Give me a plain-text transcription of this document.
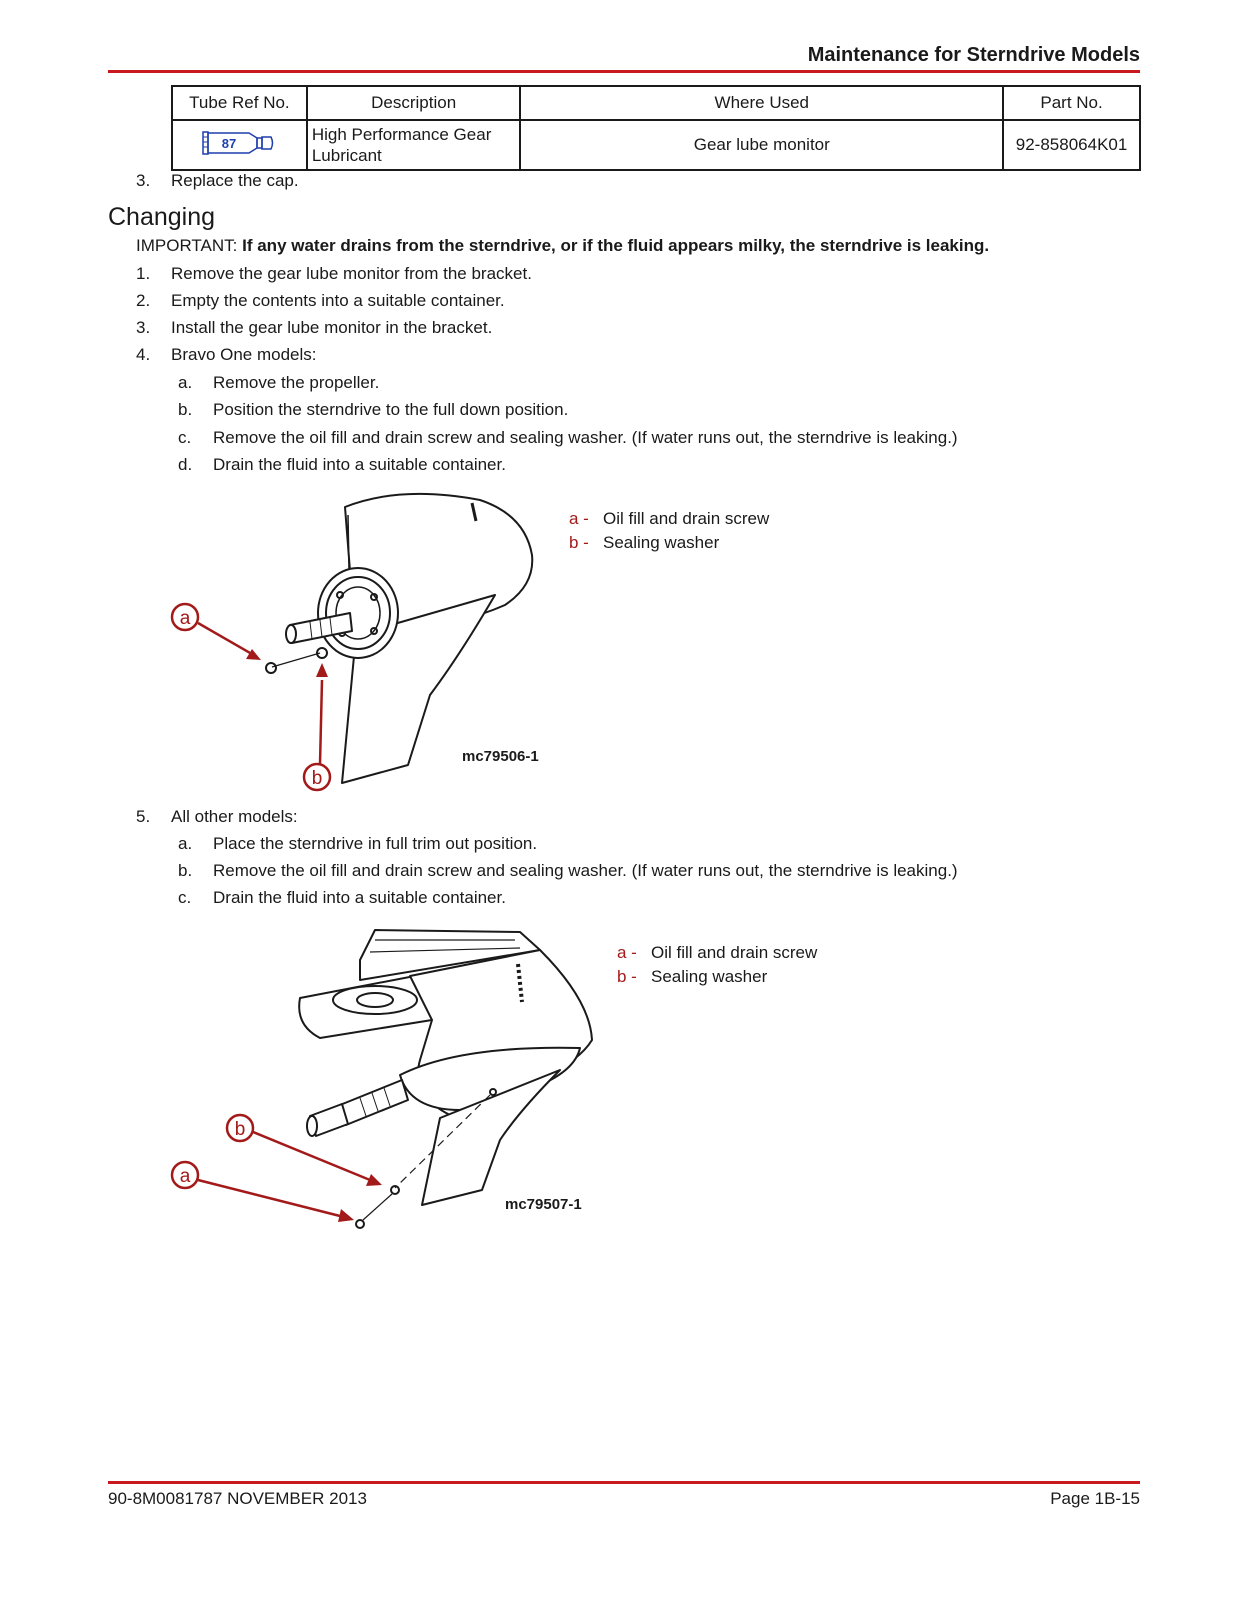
Maintenance for Sterndrive Models
Tube Ref No.	Description	Where Used	Part No.

87	High Performance Gear Lubricant	Gear lube monitor	92-858064K01
3. Replace the cap.
Changing
IMPORTANT: If any water drains from the sterndrive, or if the fluid appears milky, the sterndrive is leaking.
1. Remove the gear lube monitor from the bracket.
2. Empty the contents into a suitable container.
3. Install the gear lube monitor in the bracket.
4. Bravo One models:
a. Remove the propeller.
b. Position the sterndrive to the full down position.
c. Remove the oil fill and drain screw and sealing washer. (If water runs out, the sterndrive is leaking.)
d. Drain the fluid into a suitable container.
a
b
mc79506-1
a - Oil fill and drain screw
b - Sealing washer
5. All other models:
a. Place the sterndrive in full trim out position.
b. Remove the oil fill and drain screw and sealing washer. (If water runs out, the sterndrive is leaking.)
c. Drain the fluid into a suitable container.
b
a
mc79507-1
a - Oil fill and drain screw
b - Sealing washer
90-8M0081787 NOVEMBER 2013	Page 1B-15
